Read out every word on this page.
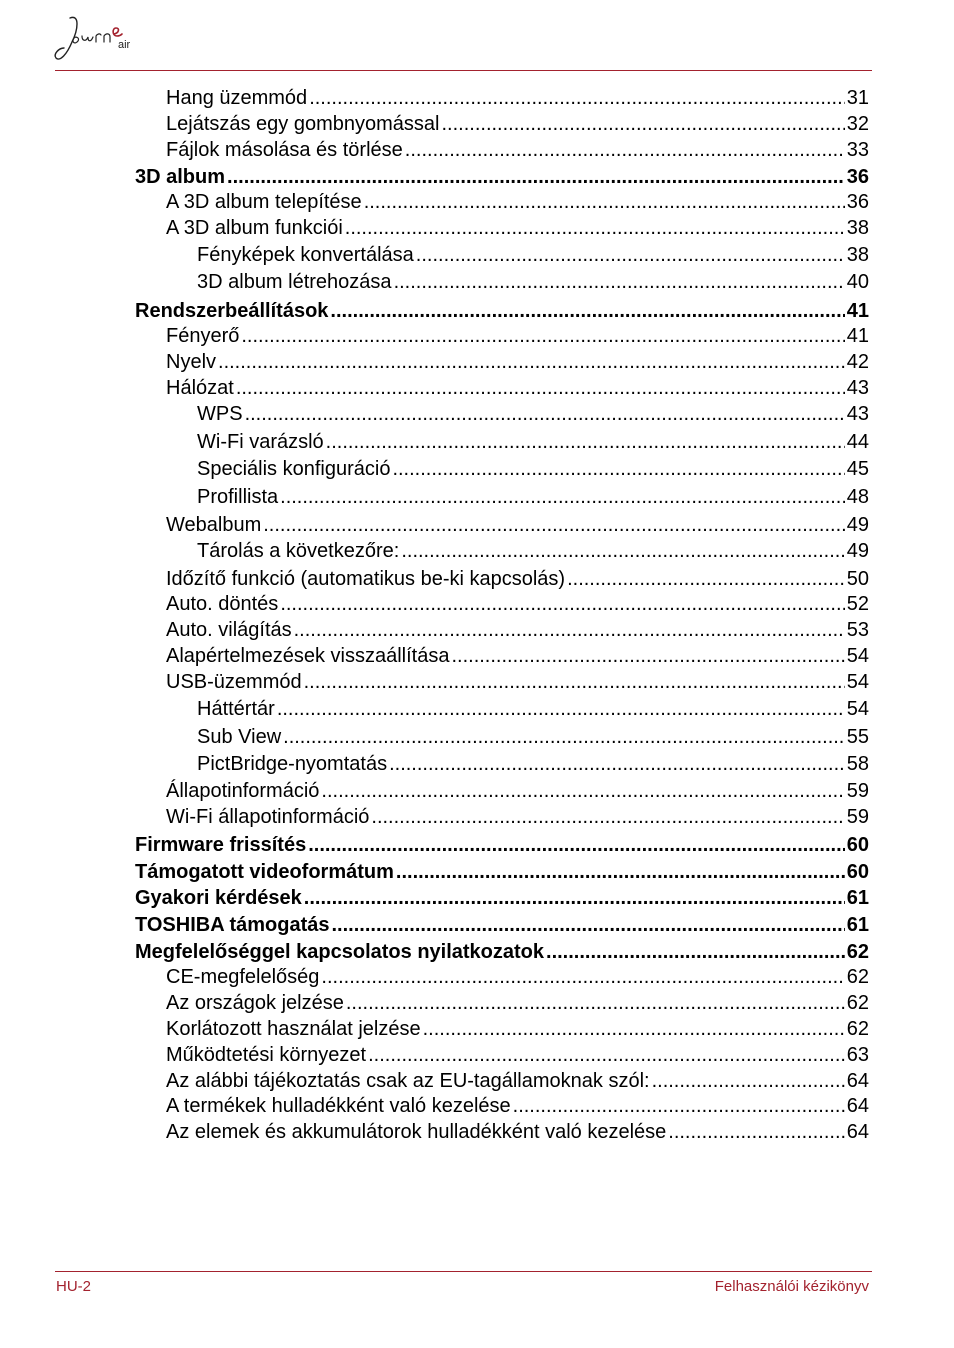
air
Hang üzemmód .....	31
Lejátszás egy gombnyomással .....	32
Fájlok másolása és törlése .....	33
3D album .....	36
A 3D album telepítése .....	36
A 3D album funkciói .....	38
Fényképek konvertálása .....	38
3D album létrehozása .....	40
Rendszerbeállítások .....	41
Fényerő .....	41
Nyelv .....	42
Hálózat .....	43
WPS .....	43
Wi-Fi varázsló .....	44
Speciális konfiguráció .....	45
Profillista .....	48
Webalbum .....	49
Tárolás a következőre: .....	49
Időzítő funkció (automatikus be-ki kapcsolás) .....	50
Auto. döntés .....	52
Auto. világítás .....	53
Alapértelmezések visszaállítása .....	54
USB-üzemmód .....	54
Háttértár .....	54
Sub View .....	55
PictBridge-nyomtatás .....	58
Állapotinformáció .....	59
Wi-Fi állapotinformáció .....	59
Firmware frissítés .....	60
Támogatott videoformátum .....	60
Gyakori kérdések .....	61
TOSHIBA támogatás .....	61
Megfelelőséggel kapcsolatos nyilatkozatok .....	62
CE-megfelelőség .....	62
Az országok jelzése .....	62
Korlátozott használat jelzése .....	62
Működtetési környezet .....	63
Az alábbi tájékoztatás csak az EU-tagállamoknak szól: .....	64
A termékek hulladékként való kezelése .....	64
Az elemek és akkumulátorok hulladékként való kezelése .....	64
HU-2	Felhasználói kézikönyv
